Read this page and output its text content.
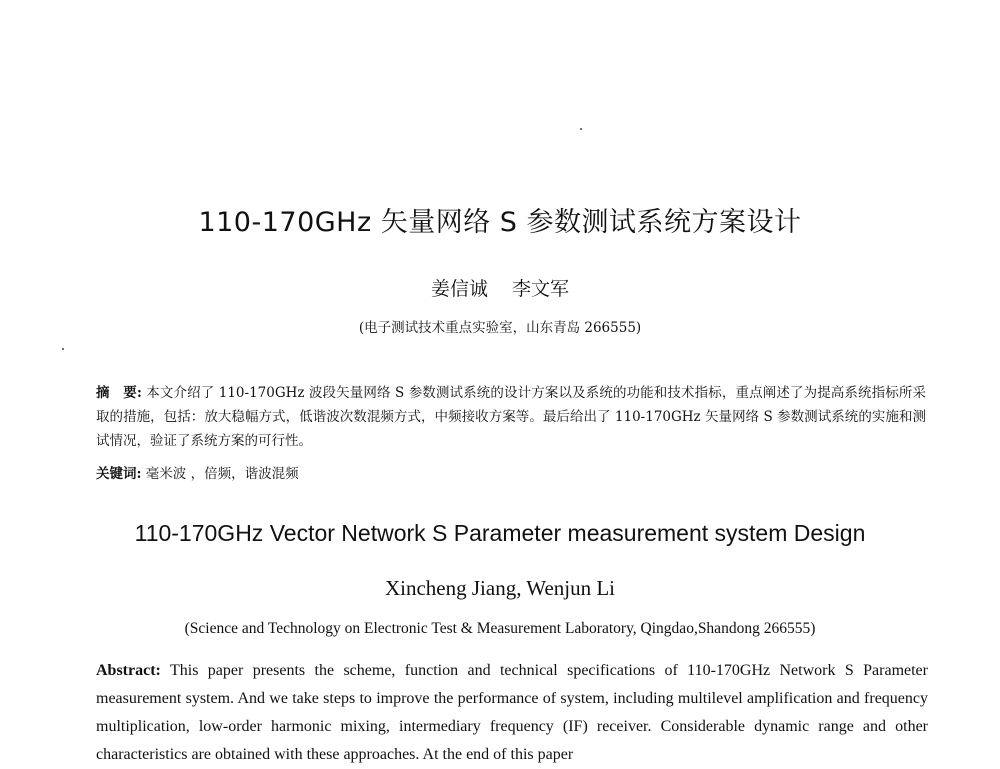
110-170GHz 矢量网络 S 参数测试系统方案设计
姜信诚 李文军
(电子测试技术重点实验室，山东青岛 266555)
摘　要: 本文介绍了 110-170GHz 波段矢量网络 S 参数测试系统的设计方案以及系统的功能和技术指标，重点阐述了为提高系统指标所采取的措施，包括：放大稳幅方式，低谐波次数混频方式，中频接收方案等。最后给出了 110-170GHz 矢量网络 S 参数测试系统的实施和测试情况，验证了系统方案的可行性。
关键词: 毫米波 ，倍频，谐波混频
110-170GHz Vector Network S Parameter measurement system Design
Xincheng Jiang, Wenjun Li
(Science and Technology on Electronic Test & Measurement Laboratory, Qingdao,Shandong 266555)
Abstract: This paper presents the scheme, function and technical specifications of 110-170GHz Network S Parameter measurement system. And we take steps to improve the performance of system, including multilevel amplification and frequency multiplication, low-order harmonic mixing, intermediary frequency (IF) receiver. Considerable dynamic range and other characteristics are obtained with these approaches. At the end of this paper
